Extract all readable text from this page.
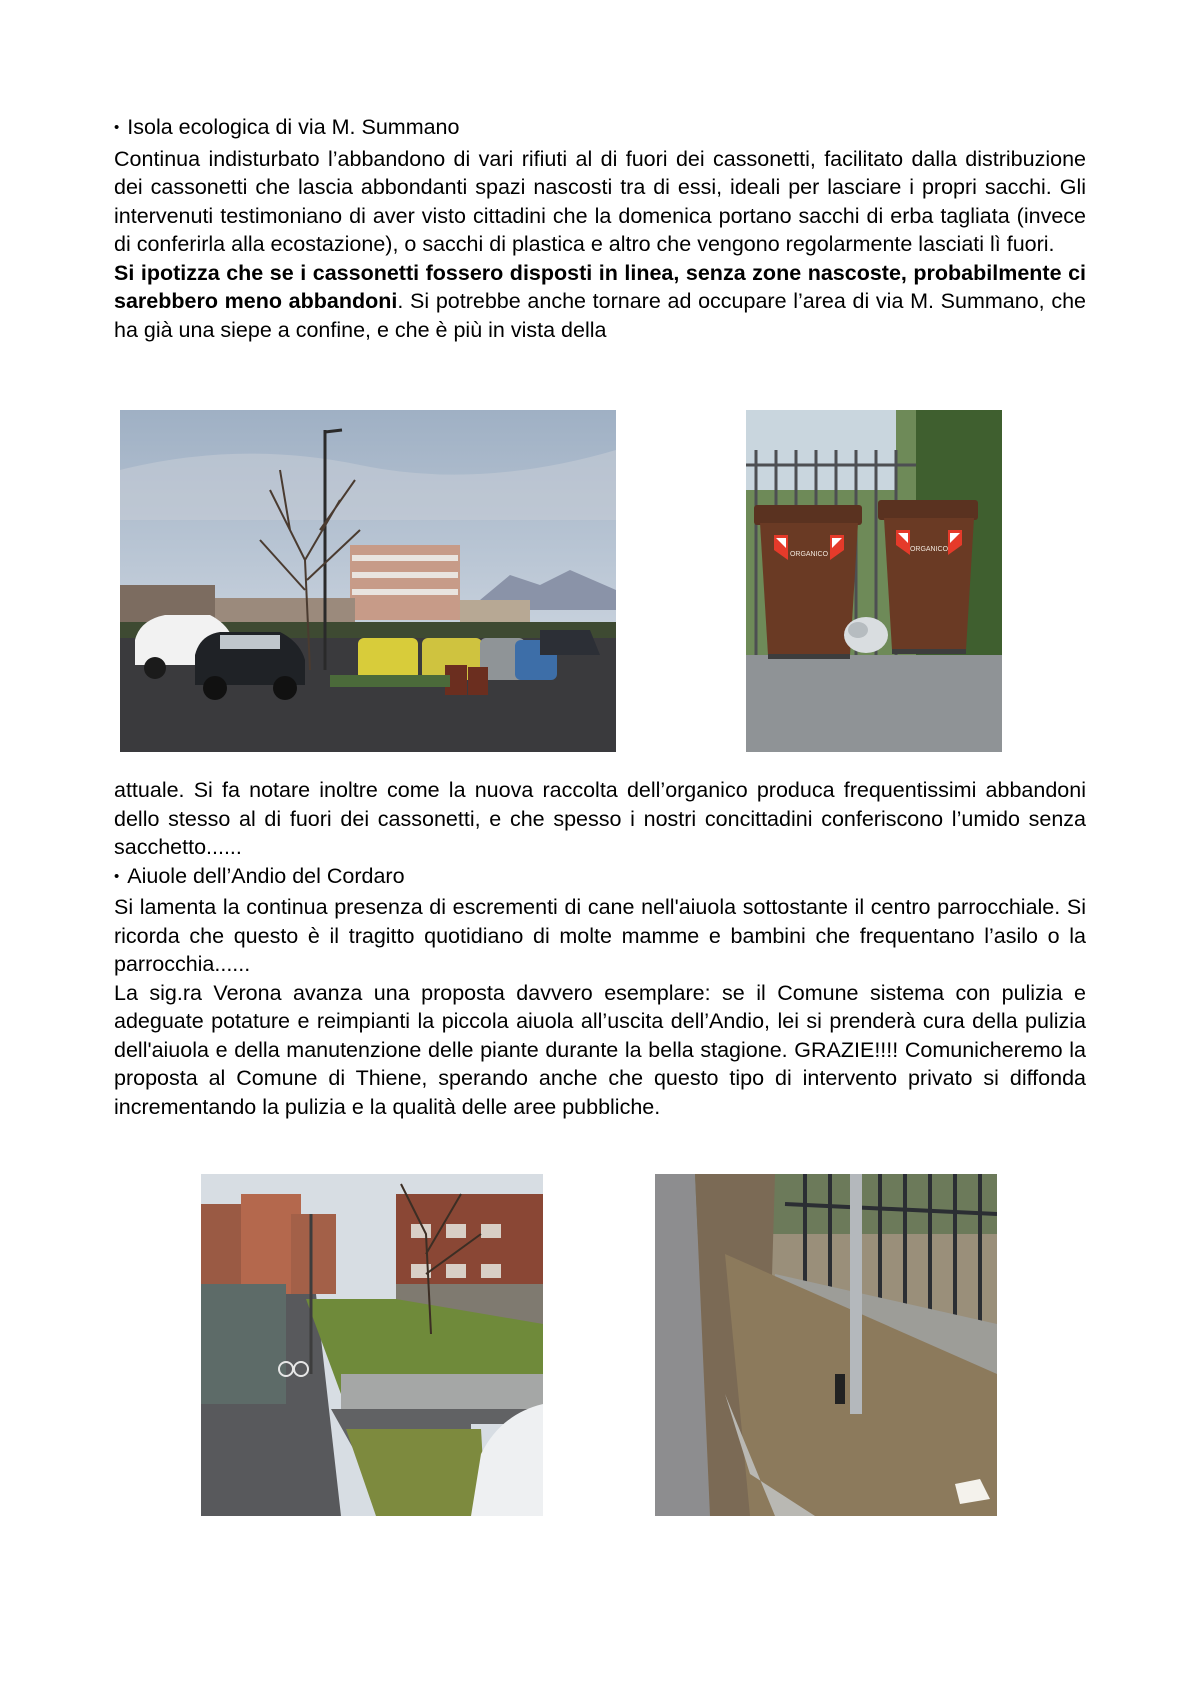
• Isola ecologica di via M. Summano

Continua indisturbato l’abbandono di vari rifiuti al di fuori dei cassonetti, facilitato dalla distribuzione dei cassonetti che lascia abbondanti spazi nascosti tra di essi, ideali per lasciare i propri sacchi. Gli intervenuti testimoniano di aver visto cittadini che la domenica portano sacchi di erba tagliata (invece di conferirla alla ecostazione), o sacchi di plastica e altro che vengono regolarmente lasciati lì fuori.

Si ipotizza che se i cassonetti fossero disposti in linea, senza zone nascoste, probabilmente ci sarebbero meno abbandoni. Si potrebbe anche tornare ad occupare l’area di via M. Summano, che ha già una siepe a confine, e che è più in vista della

ORGANICO
ORGANICO

attuale. Si fa notare inoltre come la nuova raccolta dell’organico produca frequentissimi abbandoni dello stesso al di fuori dei cassonetti, e che spesso i nostri concittadini conferiscono l’umido senza sacchetto......

• Aiuole dell’Andio del Cordaro

Si lamenta la continua presenza di escrementi di cane nell'aiuola sottostante il centro parrocchiale. Si ricorda che questo è il tragitto quotidiano di molte mamme e bambini che frequentano l’asilo o la parrocchia......

La sig.ra Verona avanza una proposta davvero esemplare: se il Comune sistema con pulizia e adeguate potature e reimpianti la piccola aiuola all’uscita dell’Andio, lei si prenderà cura della pulizia dell'aiuola e della manutenzione delle piante durante la bella stagione. GRAZIE!!!! Comunicheremo la proposta al Comune di Thiene, sperando anche che questo tipo di intervento privato si diffonda incrementando la pulizia e la qualità delle aree pubbliche.
